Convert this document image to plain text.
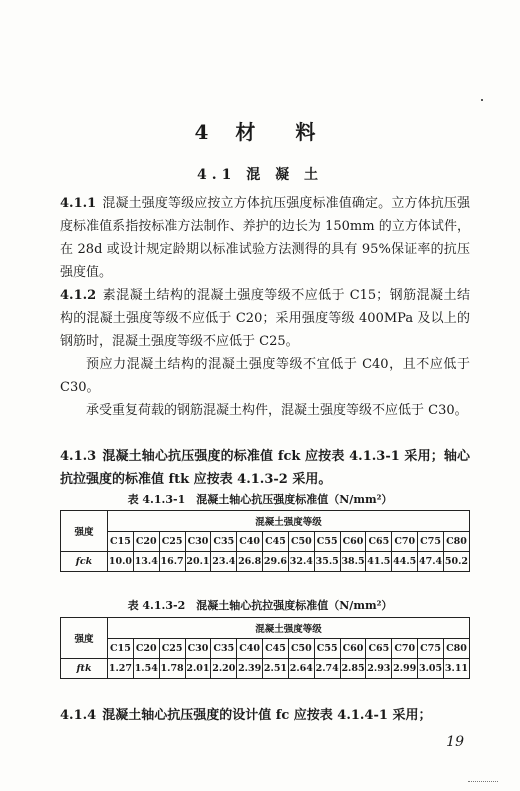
4 材　料
4.1 混 凝 土
4.1.1 混凝土强度等级应按立方体抗压强度标准值确定。立方体抗压强度标准值系指按标准方法制作、养护的边长为 150mm 的立方体试件，在 28d 或设计规定龄期以标准试验方法测得的具有 95%保证率的抗压强度值。
4.1.2 素混凝土结构的混凝土强度等级不应低于 C15；钢筋混凝土结构的混凝土强度等级不应低于 C20；采用强度等级 400MPa 及以上的钢筋时，混凝土强度等级不应低于 C25。
预应力混凝土结构的混凝土强度等级不宜低于 C40，且不应低于 C30。
承受重复荷载的钢筋混凝土构件，混凝土强度等级不应低于 C30。
4.1.3 混凝土轴心抗压强度的标准值 fck 应按表 4.1.3-1 采用；轴心抗拉强度的标准值 ftk 应按表 4.1.3-2 采用。
表 4.1.3-1　混凝土轴心抗压强度标准值（N/mm²）
强度	混凝土强度等级													
	C15	C20	C25	C30	C35	C40	C45	C50	C55	C60	C65	C70	C75	C80
fck	10.0	13.4	16.7	20.1	23.4	26.8	29.6	32.4	35.5	38.5	41.5	44.5	47.4	50.2
表 4.1.3-2　混凝土轴心抗拉强度标准值（N/mm²）
强度	混凝土强度等级													
	C15	C20	C25	C30	C35	C40	C45	C50	C55	C60	C65	C70	C75	C80
ftk	1.27	1.54	1.78	2.01	2.20	2.39	2.51	2.64	2.74	2.85	2.93	2.99	3.05	3.11
4.1.4 混凝土轴心抗压强度的设计值 fc 应按表 4.1.4-1 采用；
19
